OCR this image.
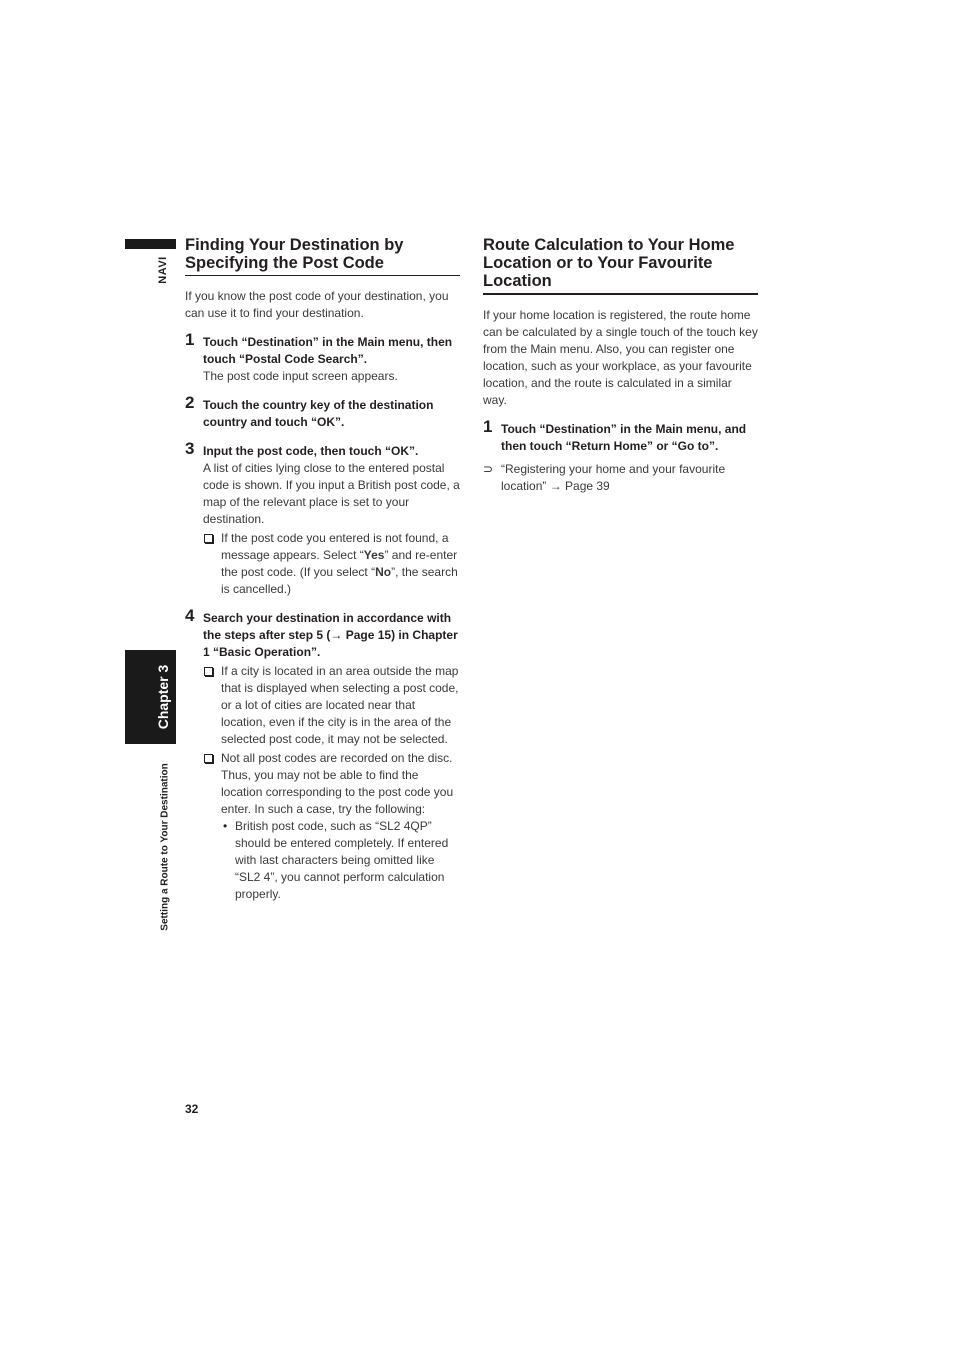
NAVI
Chapter 3
Setting a Route to Your Destination
32
Finding Your Destination by Specifying the Post Code

If you know the post code of your destination, you can use it to find your destination.

1 Touch “Destination” in the Main menu, then touch “Postal Code Search”.

The post code input screen appears.

2 Touch the country key of the destination country and touch “OK”.

3 Input the post code, then touch “OK”.

A list of cities lying close to the entered postal code is shown. If you input a British post code, a map of the relevant place is set to your destination.

If the post code you entered is not found, a message appears. Select “Yes” and re-enter the post code. (If you select “No”, the search is cancelled.)

4 Search your destination in accordance with the steps after step 5 (→ Page 15) in Chapter 1 “Basic Operation”.

If a city is located in an area outside the map that is displayed when selecting a post code, or a lot of cities are located near that location, even if the city is in the area of the selected post code, it may not be selected.

Not all post codes are recorded on the disc. Thus, you may not be able to find the location corresponding to the post code you enter. In such a case, try the following:

• British post code, such as “SL2 4QP” should be entered completely. If entered with last characters being omitted like “SL2 4”, you cannot perform calculation properly.

Route Calculation to Your Home Location or to Your Favourite Location

If your home location is registered, the route home can be calculated by a single touch of the touch key from the Main menu. Also, you can register one location, such as your workplace, as your favourite location, and the route is calculated in a similar way.

1 Touch “Destination” in the Main menu, and then touch “Return Home” or “Go to”.

⊃ “Registering your home and your favourite location” → Page 39
